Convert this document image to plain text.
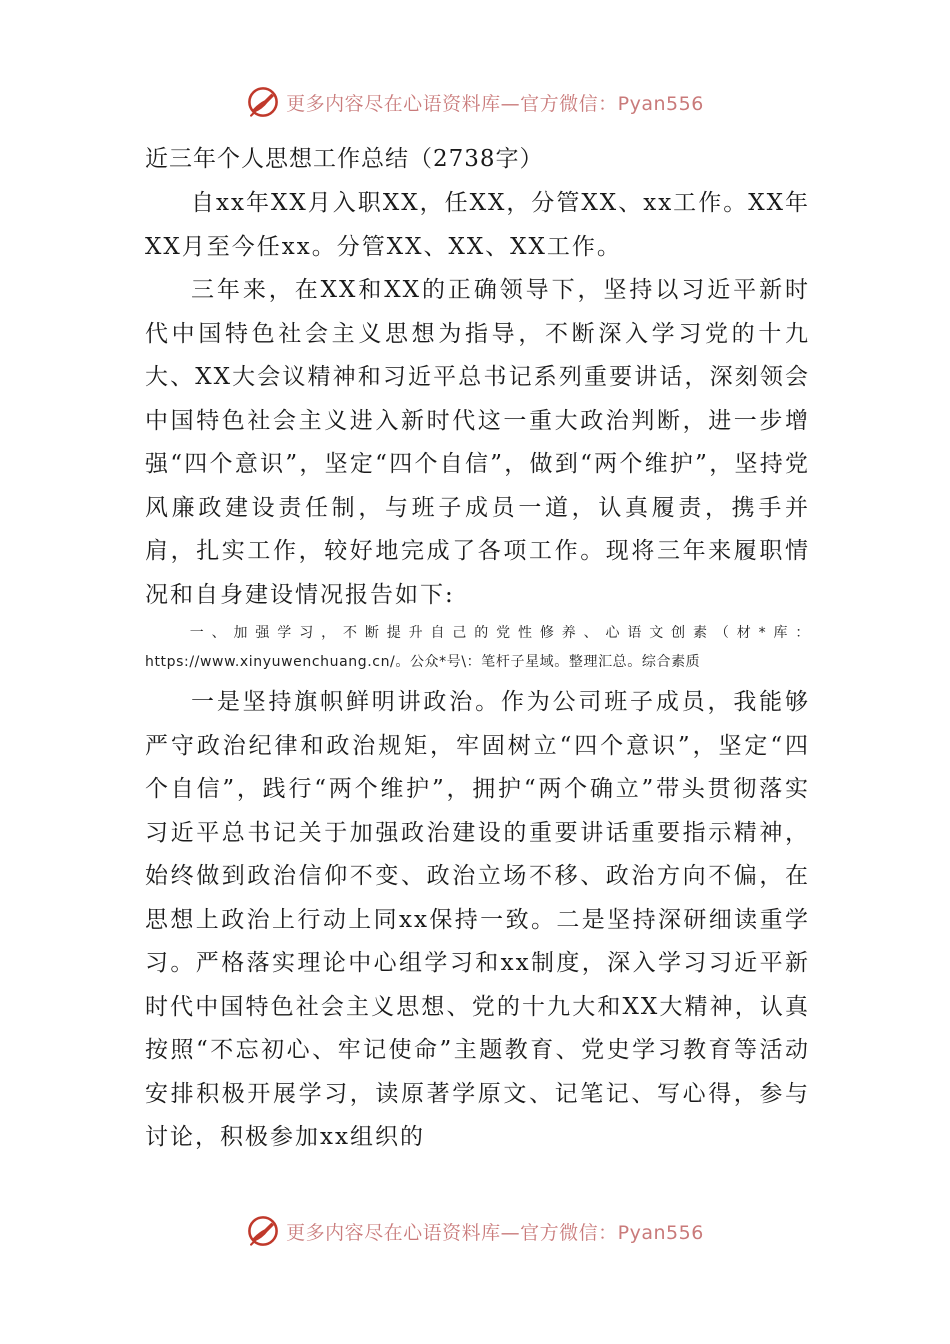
更多内容尽在心语资料库—官方微信：Pyan556

近三年个人思想工作总结（2738字）

自xx年XX月入职XX，任XX，分管XX、xx工作。XX年XX月至今任xx。分管XX、XX、XX工作。

三年来，在XX和XX的正确领导下，坚持以习近平新时代中国特色社会主义思想为指导，不断深入学习党的十九大、XX大会议精神和习近平总书记系列重要讲话，深刻领会中国特色社会主义进入新时代这一重大政治判断，进一步增强“四个意识”，坚定“四个自信”，做到“两个维护”，坚持党风廉政建设责任制，与班子成员一道，认真履责，携手并肩，扎实工作，较好地完成了各项工作。现将三年来履职情况和自身建设情况报告如下:

一、加强学习，不断提升自己的党性修养、心语文创素（材*库：https://www.xinyuwenchuang.cn/。公众*号\：笔杆子星域。整理汇总。综合素质

一是坚持旗帜鲜明讲政治。作为公司班子成员，我能够严守政治纪律和政治规矩，牢固树立“四个意识”，坚定“四个自信”，践行“两个维护”，拥护“两个确立”带头贯彻落实习近平总书记关于加强政治建设的重要讲话重要指示精神，始终做到政治信仰不变、政治立场不移、政治方向不偏，在思想上政治上行动上同xx保持一致。二是坚持深研细读重学习。严格落实理论中心组学习和xx制度，深入学习习近平新时代中国特色社会主义思想、党的十九大和XX大精神，认真按照“不忘初心、牢记使命”主题教育、党史学习教育等活动安排积极开展学习，读原著学原文、记笔记、写心得，参与讨论，积极参加xx组织的

更多内容尽在心语资料库—官方微信：Pyan556
